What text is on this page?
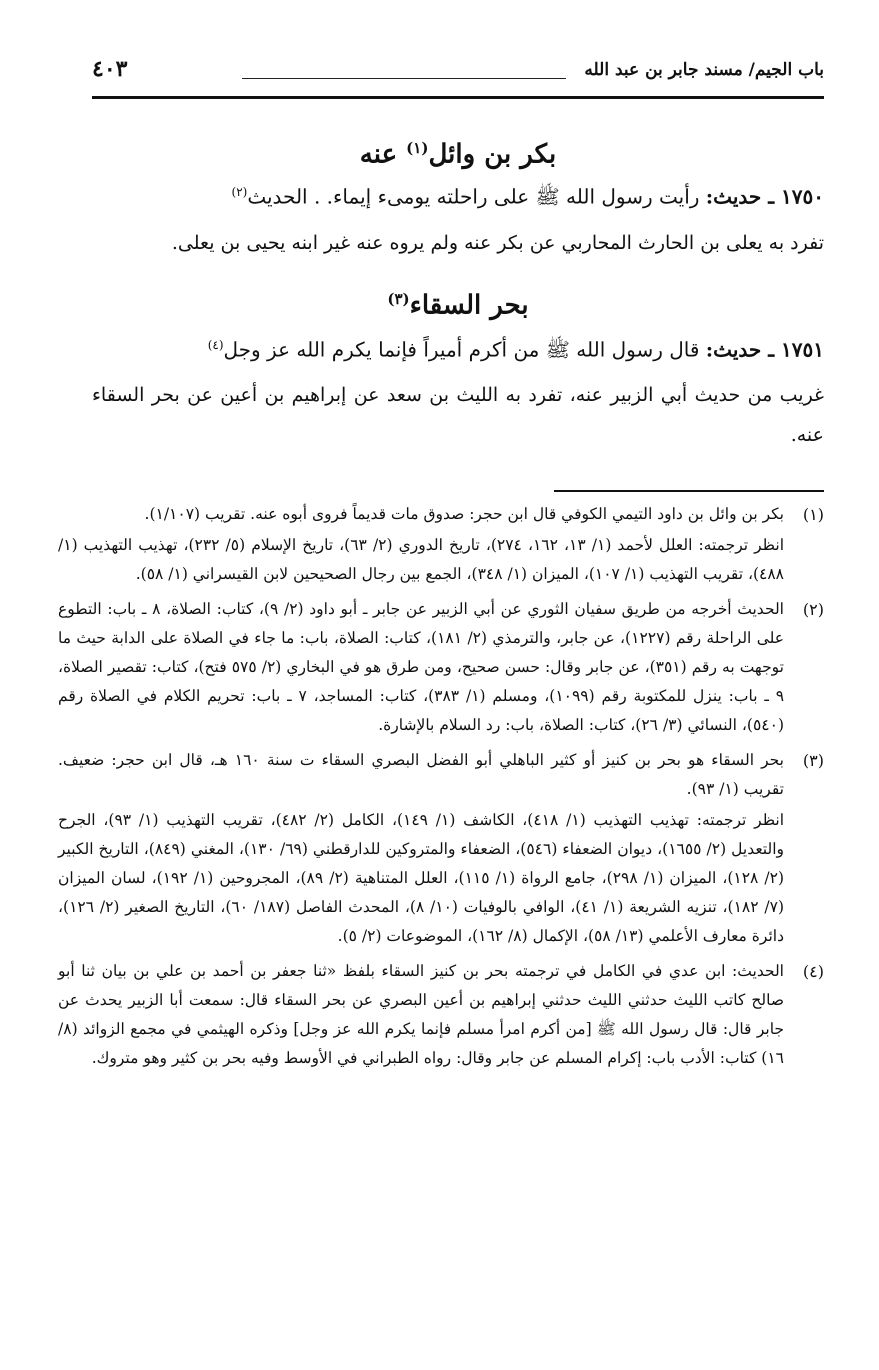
باب الجيم/ مسند جابر بن عبد الله
٤٠٣
بكر بن وائل$^{(١)}$ عنه

١٧٥٠ ـ حديث: رأيت رسول الله ﷺ على راحلته يومىء إيماء. . الحديث$^{(٢)}$

تفرد به يعلى بن الحارث المحاربي عن بكر عنه ولم يروه عنه غير ابنه يحيى بن يعلى.

بحر السقاء$^{(٣)}$

١٧٥١ ـ حديث: قال رسول الله ﷺ من أكرم أميراً فإنما يكرم الله عز وجل$^{(٤)}$

غريب من حديث أبي الزبير عنه، تفرد به الليث بن سعد عن إبراهيم بن أعين عن بحر السقاء عنه.

(١)

بكر بن وائل بن داود التيمي الكوفي قال ابن حجر: صدوق مات قديماً فروى أبوه عنه. تقريب (١/١٠٧).

انظر ترجمته: العلل لأحمد (١/ ١٣، ١٦٢، ٢٧٤)، تاريخ الدوري (٢/ ٦٣)، تاريخ الإسلام (٥/ ٢٣٢)، تهذيب التهذيب (١/ ٤٨٨)، تقريب التهذيب (١/ ١٠٧)، الميزان (١/ ٣٤٨)، الجمع بين رجال الصحيحين لابن القيسراني (١/ ٥٨).

(٢)

الحديث أخرجه من طريق سفيان الثوري عن أبي الزبير عن جابر ـ أبو داود (٢/ ٩)، كتاب: الصلاة، ٨ ـ باب: التطوع على الراحلة رقم (١٢٢٧)، عن جابر، والترمذي (٢/ ١٨١)، كتاب: الصلاة، باب: ما جاء في الصلاة على الدابة حيث ما توجهت به رقم (٣٥١)، عن جابر وقال: حسن صحيح، ومن طرق هو في البخاري (٢/ ٥٧٥ فتح)، كتاب: تقصير الصلاة، ٩ ـ باب: ينزل للمكتوبة رقم (١٠٩٩)، ومسلم (١/ ٣٨٣)، كتاب: المساجد، ٧ ـ باب: تحريم الكلام في الصلاة رقم (٥٤٠)، النسائي (٣/ ٢٦)، كتاب: الصلاة، باب: رد السلام بالإشارة.

(٣)

بحر السقاء هو بحر بن كنيز أو كثير الباهلي أبو الفضل البصري السقاء ت سنة ١٦٠ هـ، قال ابن حجر: ضعيف. تقريب (١/ ٩٣).

انظر ترجمته: تهذيب التهذيب (١/ ٤١٨)، الكاشف (١/ ١٤٩)، الكامل (٢/ ٤٨٢)، تقريب التهذيب (١/ ٩٣)، الجرح والتعديل (٢/ ١٦٥٥)، ديوان الضعفاء (٥٤٦)، الضعفاء والمتروكين للدارقطني (٦٩/ ١٣٠)، المغني (٨٤٩)، التاريخ الكبير (٢/ ١٢٨)، الميزان (١/ ٢٩٨)، جامع الرواة (١/ ١١٥)، العلل المتناهية (٢/ ٨٩)، المجروحين (١/ ١٩٢)، لسان الميزان (٧/ ١٨٢)، تنزيه الشريعة (١/ ٤١)، الوافي بالوفيات (١٠/ ٨)، المحدث الفاصل (١٨٧/ ٦٠)، التاريخ الصغير (٢/ ١٢٦)، دائرة معارف الأعلمي (١٣/ ٥٨)، الإكمال (٨/ ١٦٢)، الموضوعات (٢/ ٥).

(٤)

الحديث: ابن عدي في الكامل في ترجمته بحر بن كنيز السقاء بلفظ «ثنا جعفر بن أحمد بن علي بن بيان ثنا أبو صالح كاتب الليث حدثني الليث حدثني إبراهيم بن أعين البصري عن بحر السقاء قال: سمعت أبا الزبير يحدث عن جابر قال: قال رسول الله ﷺ [من أكرم امرأ مسلم فإنما يكرم الله عز وجل] وذكره الهيثمي في مجمع الزوائد (٨/ ١٦) كتاب: الأدب باب: إكرام المسلم عن جابر وقال: رواه الطبراني في الأوسط وفيه بحر بن كثير وهو متروك.
